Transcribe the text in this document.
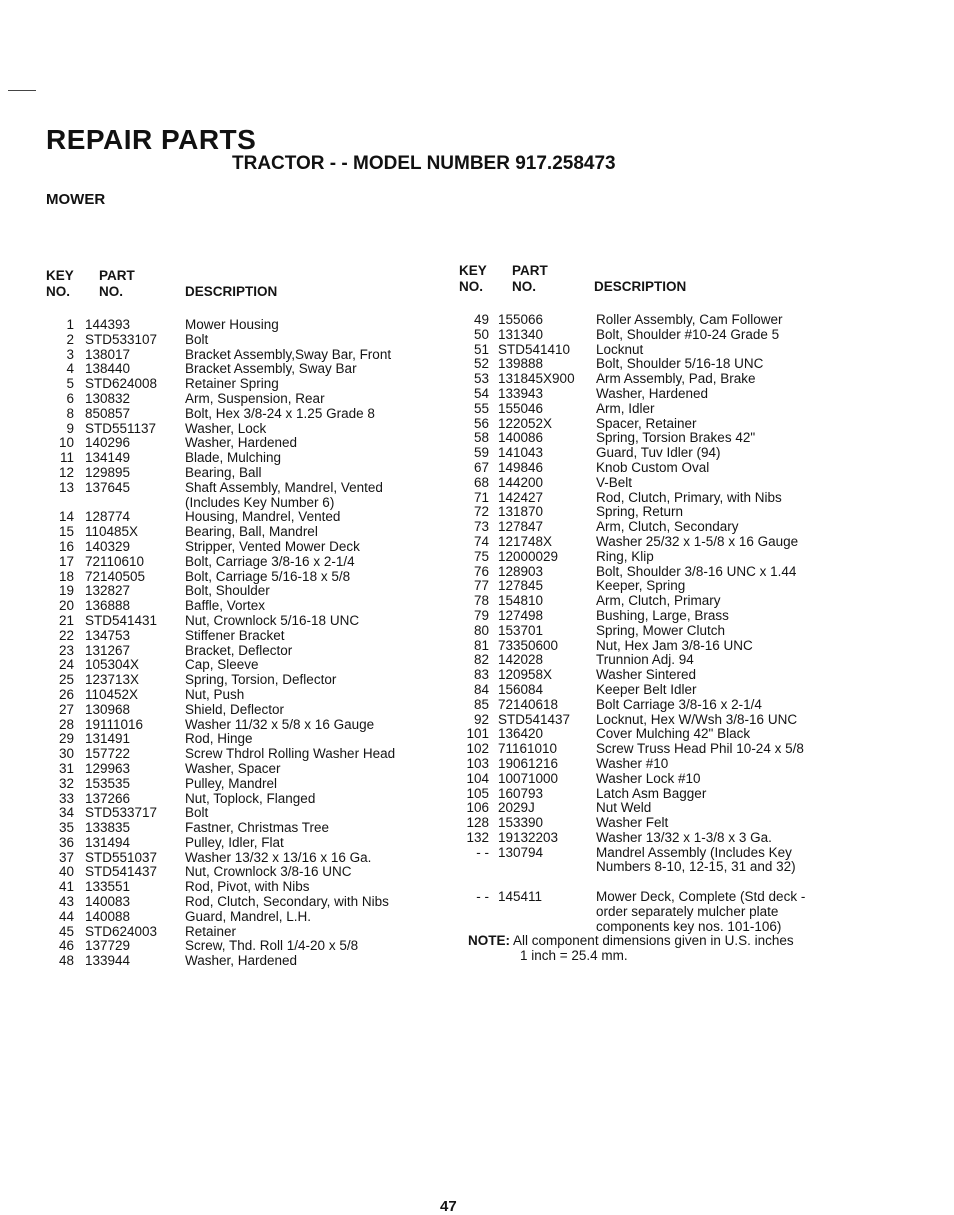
REPAIR PARTS
TRACTOR - - MODEL NUMBER 917.258473
MOWER
KEY
NO.
PART
NO.	DESCRIPTION
1 144393	Mower Housing
2 STD533107 Bolt
3 138017	Bracket Assembly,Sway Bar, Front
4 138440	Bracket Assembly, Sway Bar
5 STD624008 Retainer Spring
6 130832	Arm, Suspension, Rear
8 850857	Bolt, Hex 3/8-24 x 1.25 Grade 8
9 STD551137 Washer, Lock
10 140296	Washer, Hardened
11 134149	Blade, Mulching
12 129895	Bearing, Ball
13 137645	Shaft Assembly, Mandrel, Vented
(Includes Key Number 6)
14 128774	Housing, Mandrel, Vented
15 110485X	Bearing, Ball, Mandrel
16 140329	Stripper, Vented Mower Deck
17 72110610	Bolt, Carriage 3/8-16 x 2-1/4
18 72140505	Bolt, Carriage 5/16-18 x 5/8
19 132827	Bolt, Shoulder
20 136888	Baffle, Vortex
21 STD541431 Nut, Crownlock 5/16-18 UNC
22 134753	Stiffener Bracket
23 131267	Bracket, Deflector
24 105304X	Cap, Sleeve
25 123713X	Spring, Torsion, Deflector
26 110452X	Nut, Push
27 130968	Shield, Deflector
28 19111016	Washer 11/32 x 5/8 x 16 Gauge
29 131491	Rod, Hinge
30 157722	Screw Thdrol Rolling Washer Head
31 129963	Washer, Spacer
32 153535	Pulley, Mandrel
33 137266	Nut, Toplock, Flanged
34 STD533717 Bolt
35 133835	Fastner, Christmas Tree
36 131494	Pulley, Idler, Flat
37 STD551037 Washer 13/32 x 13/16 x 16 Ga.
40 STD541437 Nut, Crownlock 3/8-16 UNC
41 133551	Rod, Pivot, with Nibs
43 140083	Rod, Clutch, Secondary, with Nibs
44 140088	Guard, Mandrel, L.H.
45 STD624003 Retainer
46 137729	Screw, Thd. Roll 1/4-20 x 5/8
48 133944	Washer, Hardened
KEY
NO.
PART
NO.	DESCRIPTION
49 155066	Roller Assembly, Cam Follower
50 131340	Bolt, Shoulder #10-24 Grade 5
51 STD541410 Locknut
52 139888	Bolt, Shoulder 5/16-18 UNC
53 131845X900 Arm Assembly, Pad, Brake
54 133943	Washer, Hardened
55 155046	Arm, Idler
56 122052X	Spacer, Retainer
58 140086	Spring, Torsion Brakes 42"
59 141043	Guard, Tuv Idler (94)
67 149846	Knob Custom Oval
68 144200	V-Belt
71 142427	Rod, Clutch, Primary, with Nibs
72 131870	Spring, Return
73 127847	Arm, Clutch, Secondary
74 121748X	Washer 25/32 x 1-5/8 x 16 Gauge
75 12000029	Ring, Klip
76 128903	Bolt, Shoulder 3/8-16 UNC x 1.44
77 127845	Keeper, Spring
78 154810	Arm, Clutch, Primary
79 127498	Bushing, Large, Brass
80 153701	Spring, Mower Clutch
81 73350600	Nut, Hex Jam 3/8-16 UNC
82 142028	Trunnion Adj. 94
83 120958X	Washer Sintered
84 156084	Keeper Belt Idler
85 72140618	Bolt Carriage 3/8-16 x 2-1/4
92 STD541437 Locknut, Hex W/Wsh 3/8-16 UNC
101 136420	Cover Mulching 42" Black
102 71161010	Screw Truss Head Phil 10-24 x 5/8
103 19061216	Washer #10
104 10071000	Washer Lock #10
105 160793	Latch Asm Bagger
106 2029J	Nut Weld
128 153390	Washer Felt
132 19132203	Washer 13/32 x 1-3/8 x 3 Ga.
- - 130794	Mandrel Assembly (Includes Key
Numbers 8-10, 12-15, 31 and 32)
- - 145411	Mower Deck, Complete (Std deck -
order separately mulcher plate
components key nos. 101-106)
NOTE: All component dimensions given in U.S. inches
1 inch = 25.4 mm.
47
